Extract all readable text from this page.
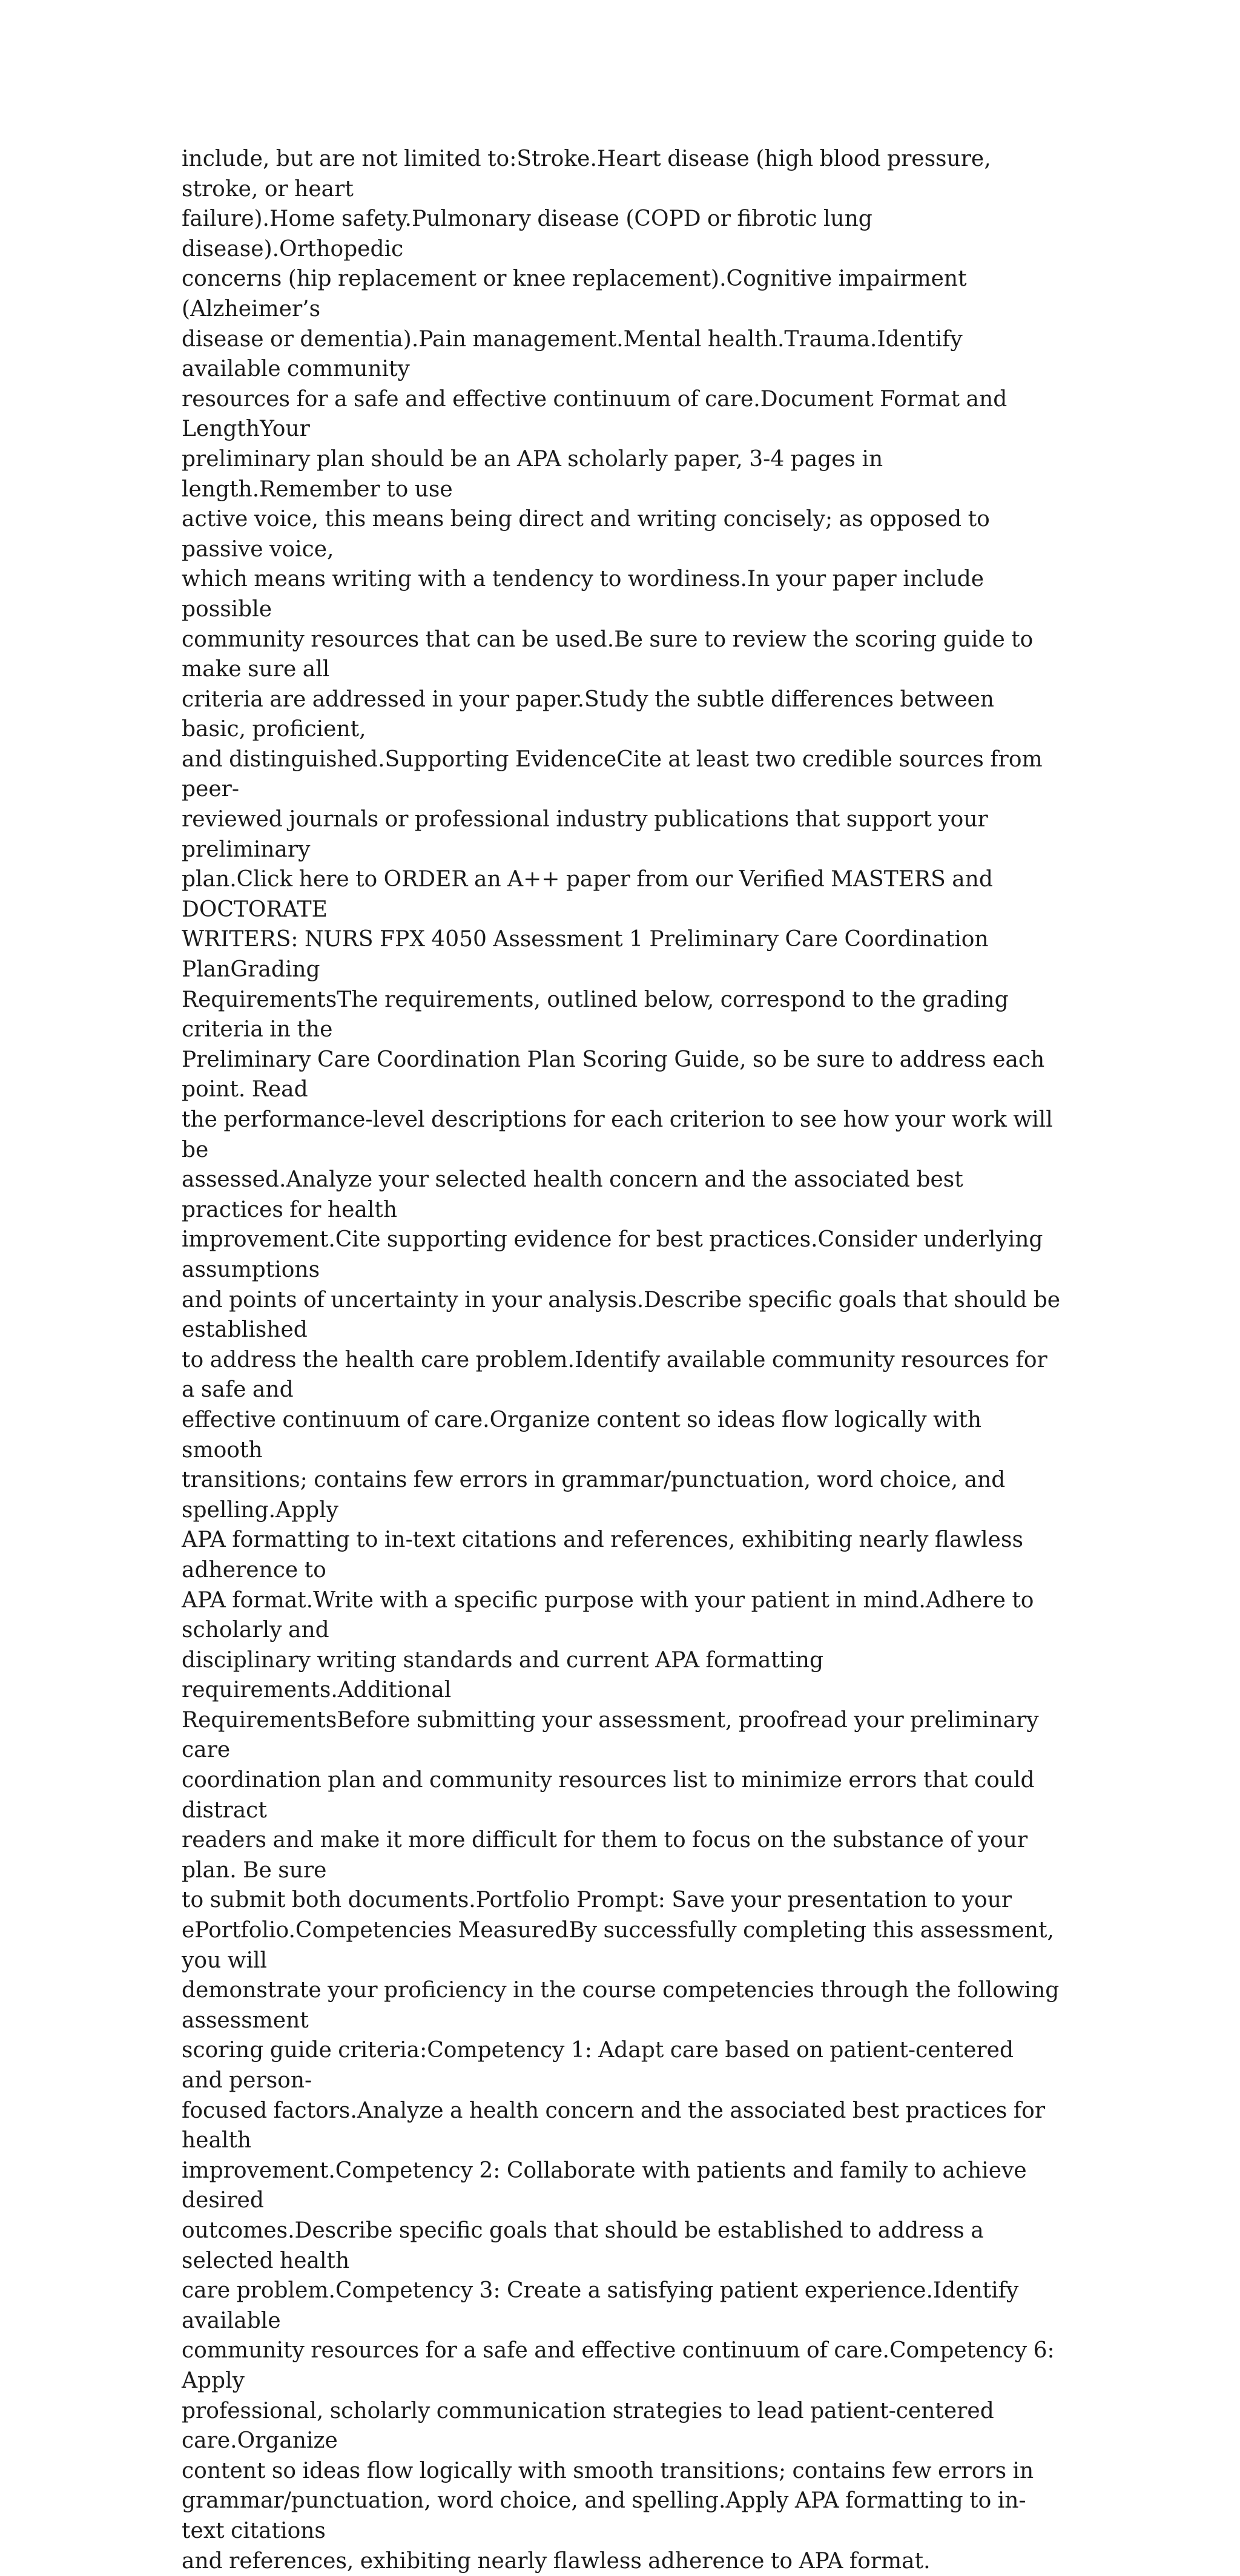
include, but are not limited to:Stroke.Heart disease (high blood pressure, stroke, or heart
failure).Home safety.Pulmonary disease (COPD or fibrotic lung disease).Orthopedic
concerns (hip replacement or knee replacement).Cognitive impairment (Alzheimer’s
disease or dementia).Pain management.Mental health.Trauma.Identify available community
resources for a safe and effective continuum of care.Document Format and LengthYour
preliminary plan should be an APA scholarly paper, 3-4 pages in length.Remember to use
active voice, this means being direct and writing concisely; as opposed to passive voice,
which means writing with a tendency to wordiness.In your paper include possible
community resources that can be used.Be sure to review the scoring guide to make sure all
criteria are addressed in your paper.Study the subtle differences between basic, proficient,
and distinguished.Supporting EvidenceCite at least two credible sources from peer-
reviewed journals or professional industry publications that support your preliminary
plan.Click here to ORDER an A++ paper from our Verified MASTERS and DOCTORATE
WRITERS: NURS FPX 4050 Assessment 1 Preliminary Care Coordination PlanGrading
RequirementsThe requirements, outlined below, correspond to the grading criteria in the
Preliminary Care Coordination Plan Scoring Guide, so be sure to address each point. Read
the performance-level descriptions for each criterion to see how your work will be
assessed.Analyze your selected health concern and the associated best practices for health
improvement.Cite supporting evidence for best practices.Consider underlying assumptions
and points of uncertainty in your analysis.Describe specific goals that should be established
to address the health care problem.Identify available community resources for a safe and
effective continuum of care.Organize content so ideas flow logically with smooth
transitions; contains few errors in grammar/punctuation, word choice, and spelling.Apply
APA formatting to in-text citations and references, exhibiting nearly flawless adherence to
APA format.Write with a specific purpose with your patient in mind.Adhere to scholarly and
disciplinary writing standards and current APA formatting requirements.Additional
RequirementsBefore submitting your assessment, proofread your preliminary care
coordination plan and community resources list to minimize errors that could distract
readers and make it more difficult for them to focus on the substance of your plan. Be sure
to submit both documents.Portfolio Prompt: Save your presentation to your
ePortfolio.Competencies MeasuredBy successfully completing this assessment, you will
demonstrate your proficiency in the course competencies through the following assessment
scoring guide criteria:Competency 1: Adapt care based on patient-centered and person-
focused factors.Analyze a health concern and the associated best practices for health
improvement.Competency 2: Collaborate with patients and family to achieve desired
outcomes.Describe specific goals that should be established to address a selected health
care problem.Competency 3: Create a satisfying patient experience.Identify available
community resources for a safe and effective continuum of care.Competency 6: Apply
professional, scholarly communication strategies to lead patient-centered care.Organize
content so ideas flow logically with smooth transitions; contains few errors in
grammar/punctuation, word choice, and spelling.Apply APA formatting to in-text citations
and references, exhibiting nearly flawless adherence to APA format.
